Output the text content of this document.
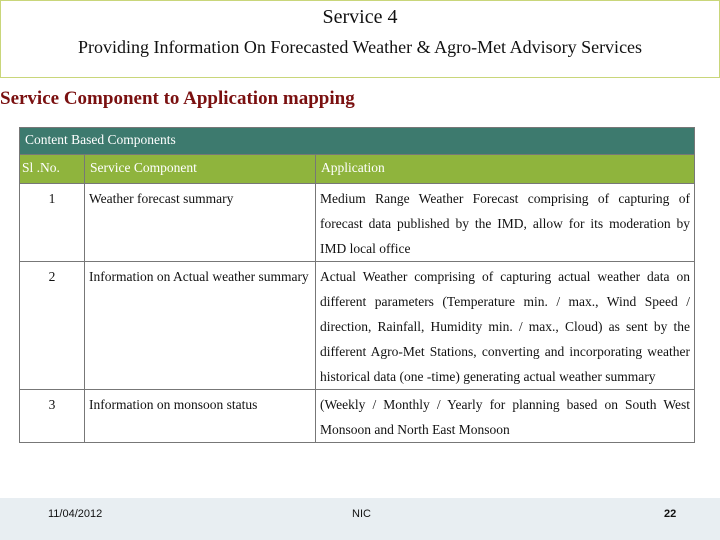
Service 4
Providing Information On Forecasted Weather & Agro-Met Advisory Services
Service Component to Application mapping
Content Based Components		
Sl .No.	Service Component	Application
1	Weather forecast summary	Medium Range Weather Forecast comprising of capturing of forecast data published by the IMD, allow for its moderation by IMD local office
2	Information on Actual weather summary	Actual Weather comprising of capturing actual weather data on different parameters (Temperature min. / max., Wind Speed / direction, Rainfall, Humidity min. / max., Cloud) as sent by the different Agro-Met Stations, converting and incorporating weather historical data (one -time) generating actual weather summary
3	Information on monsoon status	(Weekly / Monthly / Yearly for planning based on South West Monsoon and North East Monsoon
11/04/2012	NIC	22
